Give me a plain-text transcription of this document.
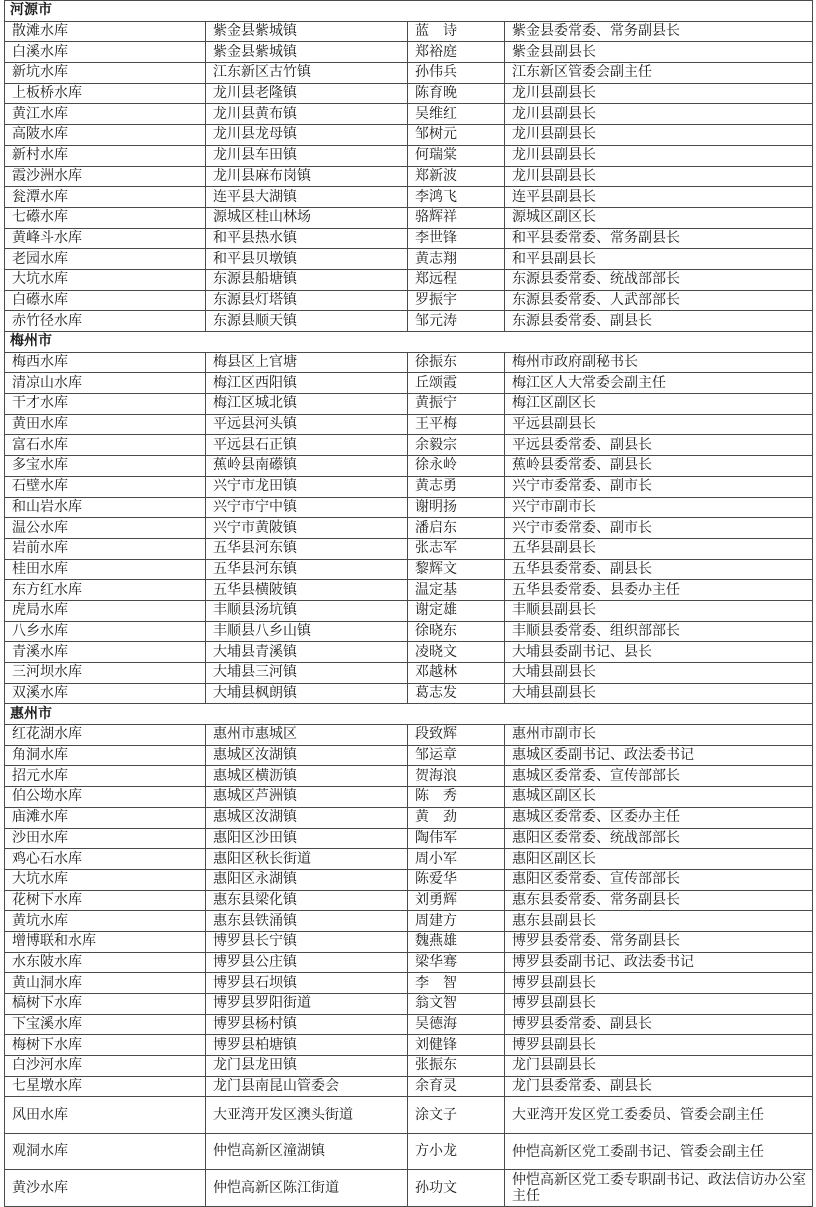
河源市			
散滩水库	紫金县紫城镇	蓝　诗	紫金县委常委、常务副县长
白溪水库	紫金县紫城镇	郑裕庭	紫金县副县长
新坑水库	江东新区古竹镇	孙伟兵	江东新区管委会副主任
上板桥水库	龙川县老隆镇	陈育晚	龙川县副县长
黄江水库	龙川县黄布镇	吴维红	龙川县副县长
高陂水库	龙川县龙母镇	邹树元	龙川县副县长
新村水库	龙川县车田镇	何瑞棠	龙川县副县长
霞沙洲水库	龙川县麻布岗镇	郑新波	龙川县副县长
瓮潭水库	连平县大湖镇	李鸿飞	连平县副县长
七礤水库	源城区桂山林场	骆辉祥	源城区副区长
黄峰斗水库	和平县热水镇	李世锋	和平县委常委、常务副县长
老园水库	和平县贝墩镇	黄志翔	和平县副县长
大坑水库	东源县船塘镇	郑远程	东源县委常委、统战部部长
白礤水库	东源县灯塔镇	罗振宇	东源县委常委、人武部部长
赤竹径水库	东源县顺天镇	邹元涛	东源县委常委、副县长
梅州市			
梅西水库	梅县区上官塘	徐振东	梅州市政府副秘书长
清凉山水库	梅江区西阳镇	丘颂霞	梅江区人大常委会副主任
干才水库	梅江区城北镇	黄振宁	梅江区副区长
黄田水库	平远县河头镇	王平梅	平远县副县长
富石水库	平远县石正镇	余毅宗	平远县委常委、副县长
多宝水库	蕉岭县南礤镇	徐永岭	蕉岭县委常委、副县长
石壁水库	兴宁市龙田镇	黄志勇	兴宁市委常委、副市长
和山岩水库	兴宁市宁中镇	谢明扬	兴宁市副市长
温公水库	兴宁市黄陂镇	潘启东	兴宁市委常委、副市长
岩前水库	五华县河东镇	张志军	五华县副县长
桂田水库	五华县河东镇	黎辉文	五华县委常委、副县长
东方红水库	五华县横陂镇	温定基	五华县委常委、县委办主任
虎局水库	丰顺县汤坑镇	谢定雄	丰顺县副县长
八乡水库	丰顺县八乡山镇	徐晓东	丰顺县委常委、组织部部长
青溪水库	大埔县青溪镇	凌晓文	大埔县委副书记、县长
三河坝水库	大埔县三河镇	邓越林	大埔县副县长
双溪水库	大埔县枫朗镇	葛志发	大埔县副县长
惠州市			
红花湖水库	惠州市惠城区	段致辉	惠州市副市长
角洞水库	惠城区汝湖镇	邹运章	惠城区委副书记、政法委书记
招元水库	惠城区横沥镇	贺海浪	惠城区委常委、宣传部部长
伯公坳水库	惠城区芦洲镇	陈　秀	惠城区副区长
庙滩水库	惠城区汝湖镇	黄　劲	惠城区委常委、区委办主任
沙田水库	惠阳区沙田镇	陶伟军	惠阳区委常委、统战部部长
鸡心石水库	惠阳区秋长街道	周小军	惠阳区副区长
大坑水库	惠阳区永湖镇	陈爱华	惠阳区委常委、宣传部部长
花树下水库	惠东县梁化镇	刘勇辉	惠东县委常委、常务副县长
黄坑水库	惠东县铁涌镇	周建方	惠东县副县长
增博联和水库	博罗县长宁镇	魏燕雄	博罗县委常委、常务副县长
水东陂水库	博罗县公庄镇	梁华骞	博罗县委副书记、政法委书记
黄山洞水库	博罗县石坝镇	李　智	博罗县副县长
槁树下水库	博罗县罗阳街道	翁文智	博罗县副县长
下宝溪水库	博罗县杨村镇	吴德海	博罗县委常委、副县长
梅树下水库	博罗县柏塘镇	刘健锋	博罗县副县长
白沙河水库	龙门县龙田镇	张振东	龙门县副县长
七星墩水库	龙门县南昆山管委会	余育灵	龙门县委常委、副县长
风田水库	大亚湾开发区澳头街道	涂文子	大亚湾开发区党工委委员、管委会副主任
观洞水库	仲恺高新区潼湖镇	方小龙	仲恺高新区党工委副书记、管委会副主任
黄沙水库	仲恺高新区陈江街道	孙功文	仲恺高新区党工委专职副书记、政法信访办公室主任
